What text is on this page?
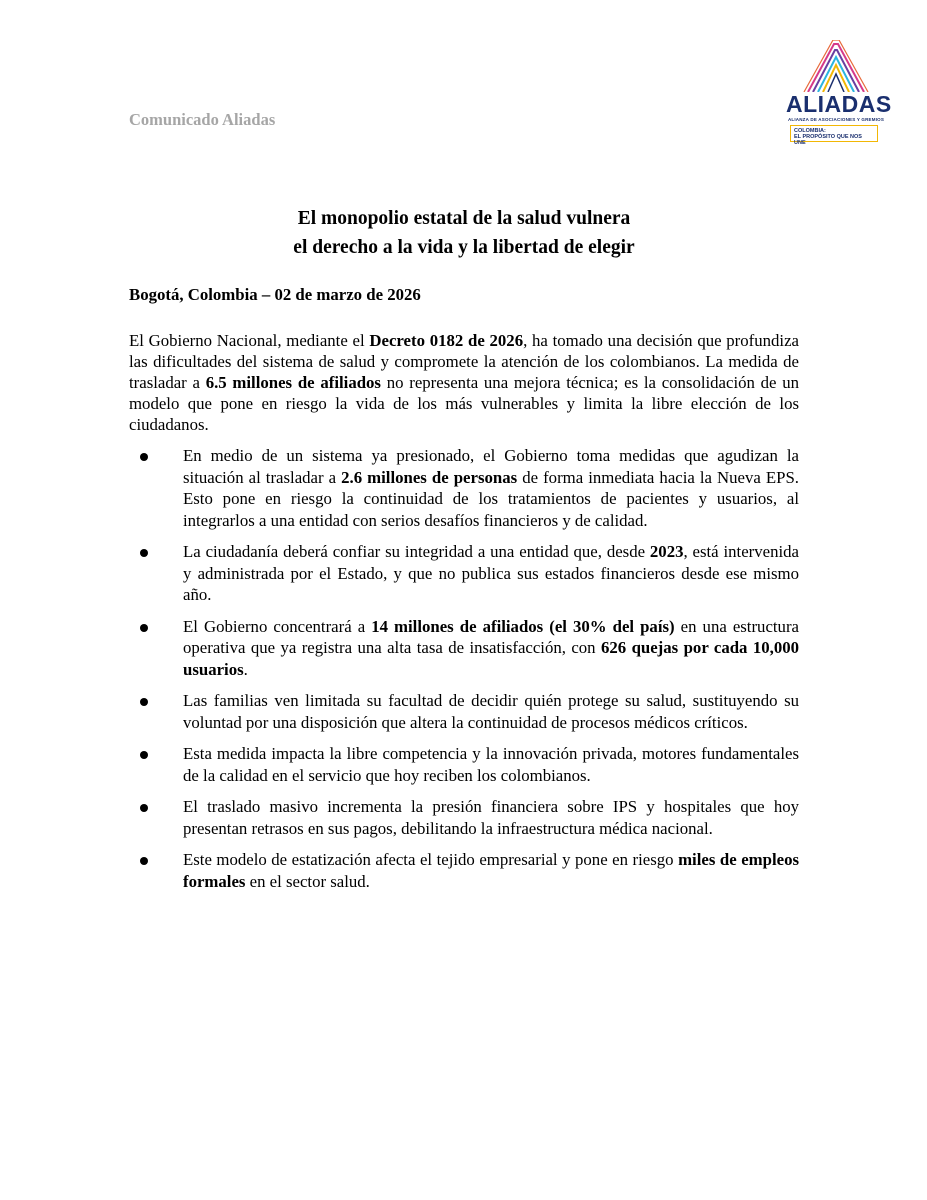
Comunicado Aliadas
ALIADAS
ALIANZA DE ASOCIACIONES Y GREMIOS
COLOMBIA:
EL PROPÓSITO QUE NOS UNE
El monopolio estatal de la salud vulnera
el derecho a la vida y la libertad de elegir
Bogotá, Colombia – 02 de marzo de 2026

El Gobierno Nacional, mediante el Decreto 0182 de 2026, ha tomado una decisión que profundiza las dificultades del sistema de salud y compromete la atención de los colombianos. La medida de trasladar a 6.5 millones de afiliados no representa una mejora técnica; es la consolidación de un modelo que pone en riesgo la vida de los más vulnerables y limita la libre elección de los ciudadanos.

En medio de un sistema ya presionado, el Gobierno toma medidas que agudizan la situación al trasladar a 2.6 millones de personas de forma inmediata hacia la Nueva EPS. Esto pone en riesgo la continuidad de los tratamientos de pacientes y usuarios, al integrarlos a una entidad con serios desafíos financieros y de calidad.
La ciudadanía deberá confiar su integridad a una entidad que, desde 2023, está intervenida y administrada por el Estado, y que no publica sus estados financieros desde ese mismo año.
El Gobierno concentrará a 14 millones de afiliados (el 30% del país) en una estructura operativa que ya registra una alta tasa de insatisfacción, con 626 quejas por cada 10,000 usuarios.
Las familias ven limitada su facultad de decidir quién protege su salud, sustituyendo su voluntad por una disposición que altera la continuidad de procesos médicos críticos.
Esta medida impacta la libre competencia y la innovación privada, motores fundamentales de la calidad en el servicio que hoy reciben los colombianos.
El traslado masivo incrementa la presión financiera sobre IPS y hospitales que hoy presentan retrasos en sus pagos, debilitando la infraestructura médica nacional.
Este modelo de estatización afecta el tejido empresarial y pone en riesgo miles de empleos formales en el sector salud.
